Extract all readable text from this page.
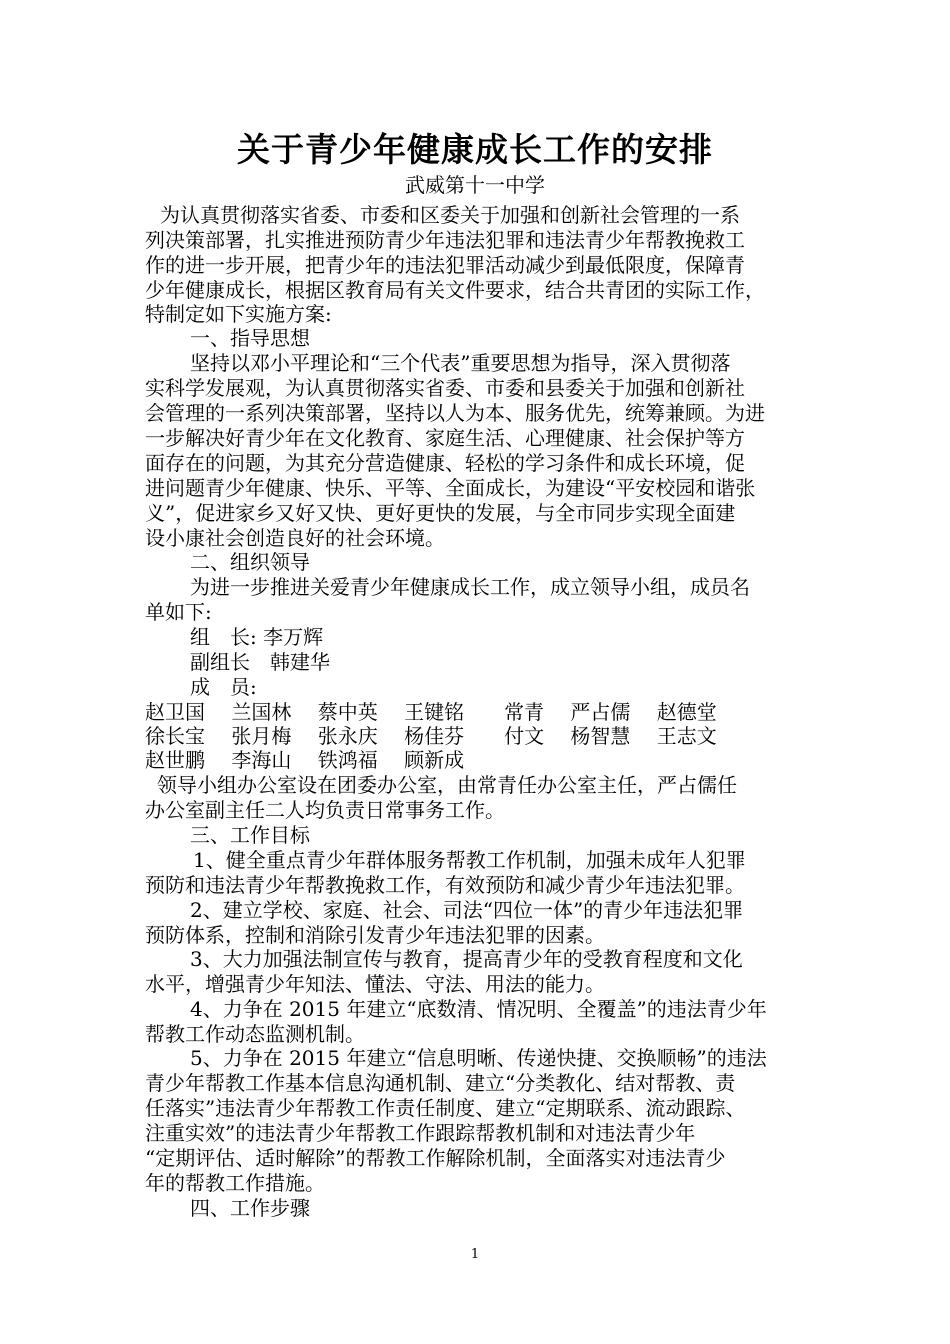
关于青少年健康成长工作的安排
武威第十一中学
为认真贯彻落实省委、市委和区委关于加强和创新社会管理的一系
列决策部署，扎实推进预防青少年违法犯罪和违法青少年帮教挽救工
作的进一步开展，把青少年的违法犯罪活动减少到最低限度，保障青
少年健康成长，根据区教育局有关文件要求，结合共青团的实际工作，
特制定如下实施方案:
一、指导思想
坚持以邓小平理论和“三个代表”重要思想为指导，深入贯彻落
实科学发展观，为认真贯彻落实省委、市委和县委关于加强和创新社
会管理的一系列决策部署，坚持以人为本、服务优先，统筹兼顾。为进
一步解决好青少年在文化教育、家庭生活、心理健康、社会保护等方
面存在的问题，为其充分营造健康、轻松的学习条件和成长环境，促
进问题青少年健康、快乐、平等、全面成长，为建设“平安校园和谐张
义”，促进家乡又好又快、更好更快的发展，与全市同步实现全面建
设小康社会创造良好的社会环境。
二、组织领导
为进一步推进关爱青少年健康成长工作，成立领导小组，成员名
单如下:
组　长: 李万辉
副组长　韩建华
成　员:
赵卫国　 兰国林　 蔡中英　 王键铭　　常青　 严占儒　 赵德堂
徐长宝　 张月梅　 张永庆　 杨佳芬　　付文　 杨智慧　 王志文
赵世鹏　 李海山　 铁鸿福　 顾新成
领导小组办公室设在团委办公室，由常青任办公室主任，严占儒任
办公室副主任二人均负责日常事务工作。
三、工作目标
1、健全重点青少年群体服务帮教工作机制，加强未成年人犯罪
预防和违法青少年帮教挽救工作，有效预防和减少青少年违法犯罪。
2、建立学校、家庭、社会、司法“四位一体”的青少年违法犯罪
预防体系，控制和消除引发青少年违法犯罪的因素。
3、大力加强法制宣传与教育，提高青少年的受教育程度和文化
水平，增强青少年知法、懂法、守法、用法的能力。
4、力争在 2015 年建立“底数清、情况明、全覆盖”的违法青少年
帮教工作动态监测机制。
5、力争在 2015 年建立“信息明晰、传递快捷、交换顺畅”的违法
青少年帮教工作基本信息沟通机制、建立“分类教化、结对帮教、责
任落实”违法青少年帮教工作责任制度、建立“定期联系、流动跟踪、
注重实效”的违法青少年帮教工作跟踪帮教机制和对违法青少年
“定期评估、适时解除”的帮教工作解除机制，全面落实对违法青少
年的帮教工作措施。
四、工作步骤
1
